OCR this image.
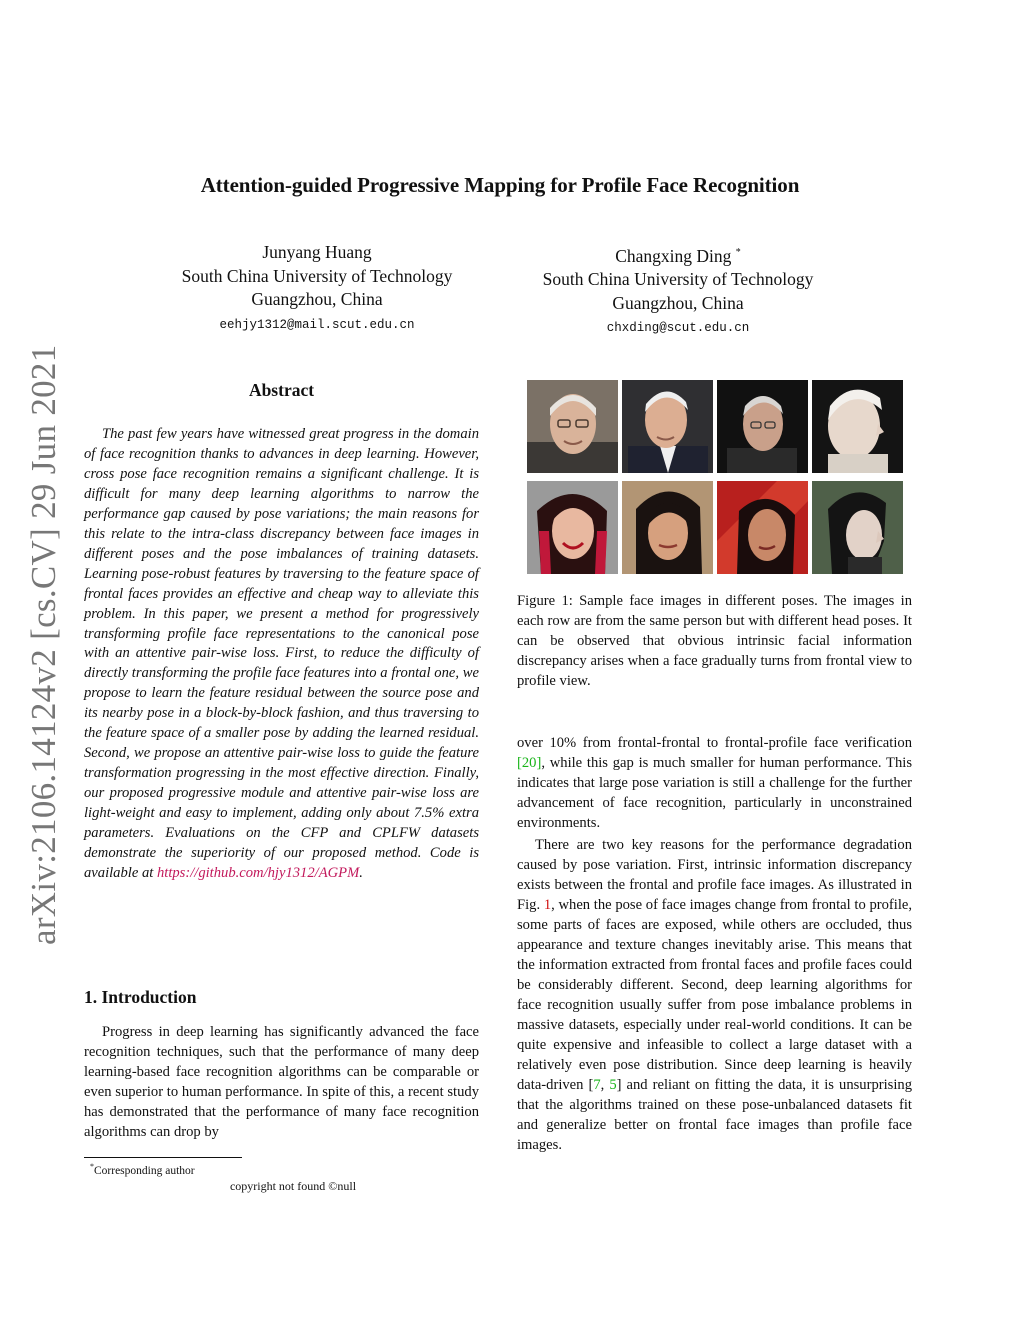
Attention-guided Progressive Mapping for Profile Face Recognition
Junyang Huang
South China University of Technology
Guangzhou, China
eehjy1312@mail.scut.edu.cn
Changxing Ding *
South China University of Technology
Guangzhou, China
chxding@scut.edu.cn
arXiv:2106.14124v2 [cs.CV] 29 Jun 2021	Abstract

The past few years have witnessed great progress in the domain of face recognition thanks to advances in deep learning. However, cross pose face recognition remains a significant challenge. It is difficult for many deep learning algorithms to narrow the performance gap caused by pose variations; the main reasons for this relate to the intra-class discrepancy between face images in different poses and the pose imbalances of training datasets. Learning pose-robust features by traversing to the feature space of frontal faces provides an effective and cheap way to alleviate this problem. In this paper, we present a method for progressively transforming profile face representations to the canonical pose with an attentive pair-wise loss. First, to reduce the difficulty of directly transforming the profile face features into a frontal one, we propose to learn the feature residual between the source pose and its nearby pose in a block-by-block fashion, and thus traversing to the feature space of a smaller pose by adding the learned residual. Second, we propose an attentive pair-wise loss to guide the feature transformation progressing in the most effective direction. Finally, our proposed progressive module and attentive pair-wise loss are light-weight and easy to implement, adding only about 7.5% extra parameters. Evaluations on the CFP and CPLFW datasets demonstrate the superiority of our proposed method. Code is available at https://github.com/hjy1312/AGPM.

1. Introduction

Progress in deep learning has significantly advanced the face recognition techniques, such that the performance of many deep learning-based face recognition algorithms can be comparable or even superior to human performance. In spite of this, a recent study has demonstrated that the performance of many face recognition algorithms can drop by

*Corresponding author
copyright not found ©null
Figure 1: Sample face images in different poses. The images in each row are from the same person but with different head poses. It can be observed that obvious intrinsic facial information discrepancy arises when a face gradually turns from frontal view to profile view.

over 10% from frontal-frontal to frontal-profile face verification [20], while this gap is much smaller for human performance. This indicates that large pose variation is still a challenge for the further advancement of face recognition, particularly in unconstrained environments.

There are two key reasons for the performance degradation caused by pose variation. First, intrinsic information discrepancy exists between the frontal and profile face images. As illustrated in Fig. 1, when the pose of face images change from frontal to profile, some parts of faces are exposed, while others are occluded, thus appearance and texture changes inevitably arise. This means that the information extracted from frontal faces and profile faces could be considerably different. Second, deep learning algorithms for face recognition usually suffer from pose imbalance problems in massive datasets, especially under real-world conditions. It can be quite expensive and infeasible to collect a large dataset with a relatively even pose distribution. Since deep learning is heavily data-driven [7, 5] and reliant on fitting the data, it is unsurprising that the algorithms trained on these pose-unbalanced datasets fit and generalize better on frontal face images than profile face images.
